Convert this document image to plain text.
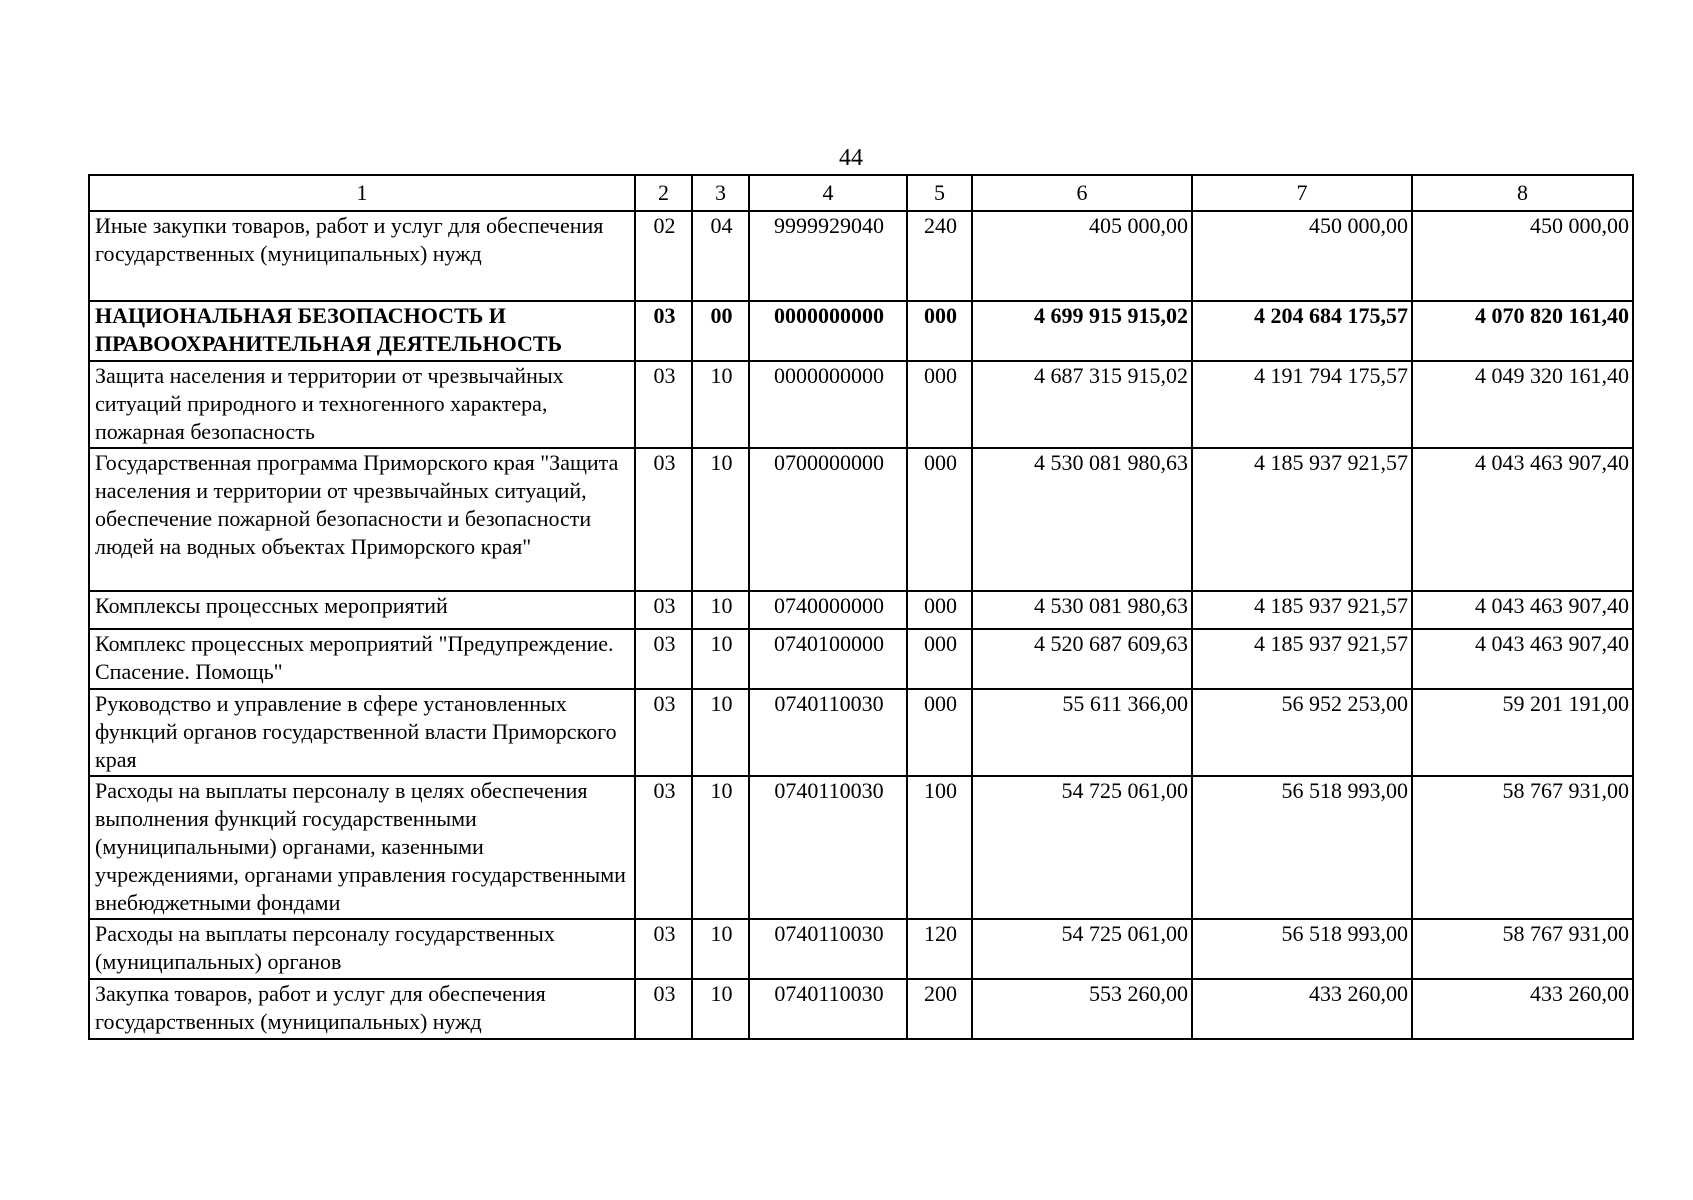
44
1	2	3	4	5	6	7	8
Иные закупки товаров, работ и услуг для обеспечения государственных (муниципальных) нужд	02	04	9999929040	240	405 000,00	450 000,00	450 000,00
НАЦИОНАЛЬНАЯ БЕЗОПАСНОСТЬ И ПРАВООХРАНИТЕЛЬНАЯ ДЕЯТЕЛЬНОСТЬ	03	00	0000000000	000	4 699 915 915,02	4 204 684 175,57	4 070 820 161,40
Защита населения и территории от чрезвычайных ситуаций природного и техногенного характера, пожарная безопасность	03	10	0000000000	000	4 687 315 915,02	4 191 794 175,57	4 049 320 161,40
Государственная программа Приморского края "Защита населения и территории от чрезвычайных ситуаций, обеспечение пожарной безопасности и безопасности людей на водных объектах Приморского края"	03	10	0700000000	000	4 530 081 980,63	4 185 937 921,57	4 043 463 907,40
Комплексы процессных мероприятий	03	10	0740000000	000	4 530 081 980,63	4 185 937 921,57	4 043 463 907,40
Комплекс процессных мероприятий "Предупреждение. Спасение. Помощь"	03	10	0740100000	000	4 520 687 609,63	4 185 937 921,57	4 043 463 907,40
Руководство и управление в сфере установленных функций органов государственной власти Приморского края	03	10	0740110030	000	55 611 366,00	56 952 253,00	59 201 191,00
Расходы на выплаты персоналу в целях обеспечения выполнения функций государственными (муниципальными) органами, казенными учреждениями, органами управления государственными внебюджетными фондами	03	10	0740110030	100	54 725 061,00	56 518 993,00	58 767 931,00
Расходы на выплаты персоналу государственных (муниципальных) органов	03	10	0740110030	120	54 725 061,00	56 518 993,00	58 767 931,00
Закупка товаров, работ и услуг для обеспечения государственных (муниципальных) нужд	03	10	0740110030	200	553 260,00	433 260,00	433 260,00
